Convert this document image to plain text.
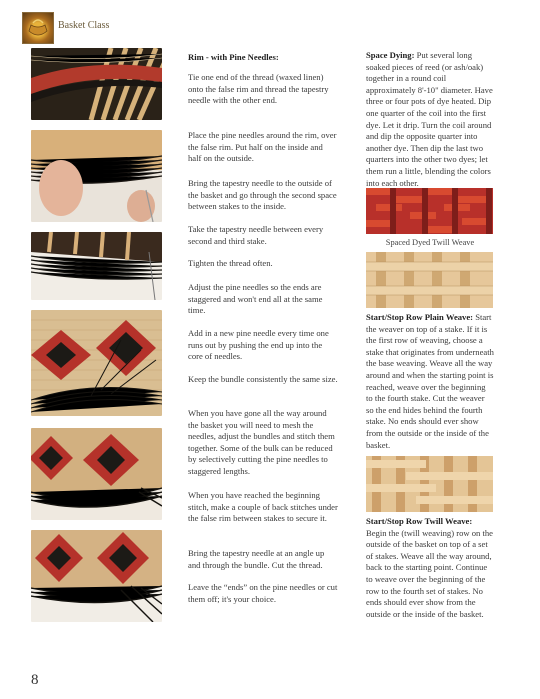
Basket Class

Rim - with Pine Needles:

Tie one end of the thread (waxed linen) onto the false rim and thread the tapestry needle with the other end.

Place the pine needles around the rim, over the false rim. Put half on the inside and half on the outside.

Bring the tapestry needle to the outside of the basket and go through the second space between stakes to the inside.

Take the tapestry needle between every second and third stake.

Tighten the thread often.

Adjust the pine needles so the ends are staggered and won't end all at the same time.

Add in a new pine needle every time one runs out by pushing the end up into the core of needles.

Keep the bundle consistently the same size.

When you have gone all the way around the basket you will need to mesh the needles, adjust the bundles and stitch them together. Some of the bulk can be reduced by selectively cutting the pine needles to staggered lengths.

When you have reached the beginning stitch, make a couple of back stitches under the false rim between stakes to secure it.

Bring the tapestry needle at an angle up and through the bundle. Cut the thread.

Leave the “ends” on the pine needles or cut them off; it's your choice.

Space Dying: Put several long soaked pieces of reed (or ash/oak) together in a round coil approximately 8'-10" diameter. Have three or four pots of dye heated. Dip one quarter of the coil into the first dye. Let it drip. Turn the coil around and dip the opposite quarter into another dye. Then dip the last two quarters into the other two dyes; let them run a little, blending the colors into each other.

Spaced Dyed Twill Weave

Start/Stop Row Plain Weave: Start the weaver on top of a stake. If it is the first row of weaving, choose a stake that originates from underneath the base weaving. Weave all the way around and when the starting point is reached, weave over the beginning to the fourth stake. Cut the weaver so the end hides behind the fourth stake. No ends should ever show from the outside or the inside of the basket.

Start/Stop Row Twill Weave: Begin the (twill weaving) row on the outside of the basket on top of a set of stakes. Weave all the way around, back to the starting point. Continue to weave over the beginning of the row to the fourth set of stakes. No ends should ever show from the outside or the inside of the basket.

8
